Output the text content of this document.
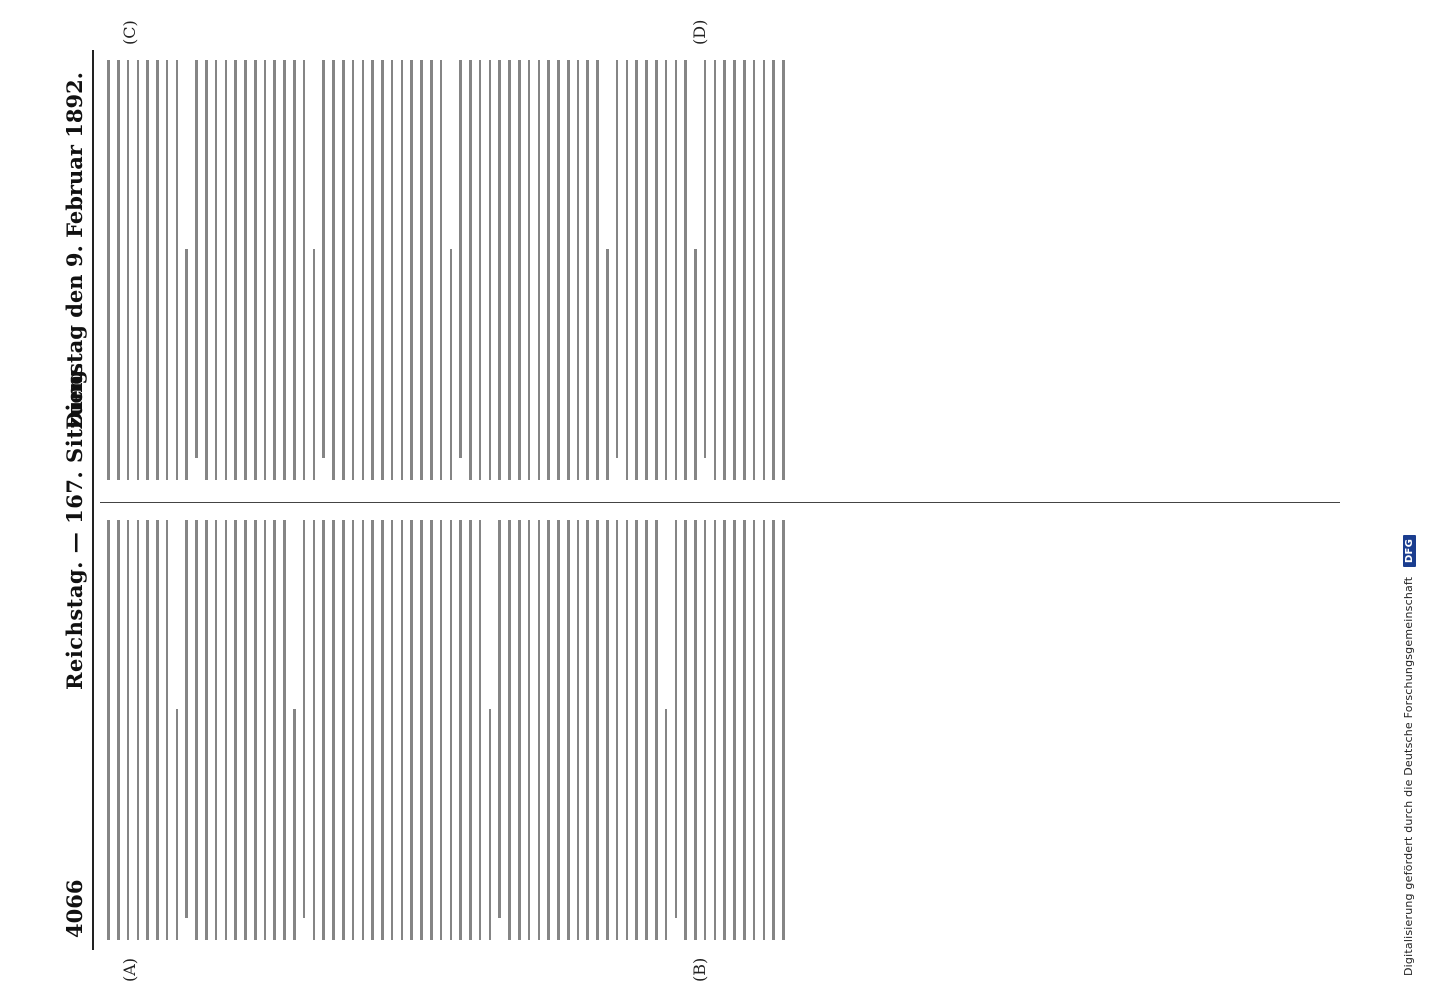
4066
Reichstag. — 167. Sitzung.
Dienstag den 9. Februar 1892.
(A)	(B)
(C)	(D)
Digitalisierung gefördert durch die Deutsche Forschungsgemeinschaft DFG
